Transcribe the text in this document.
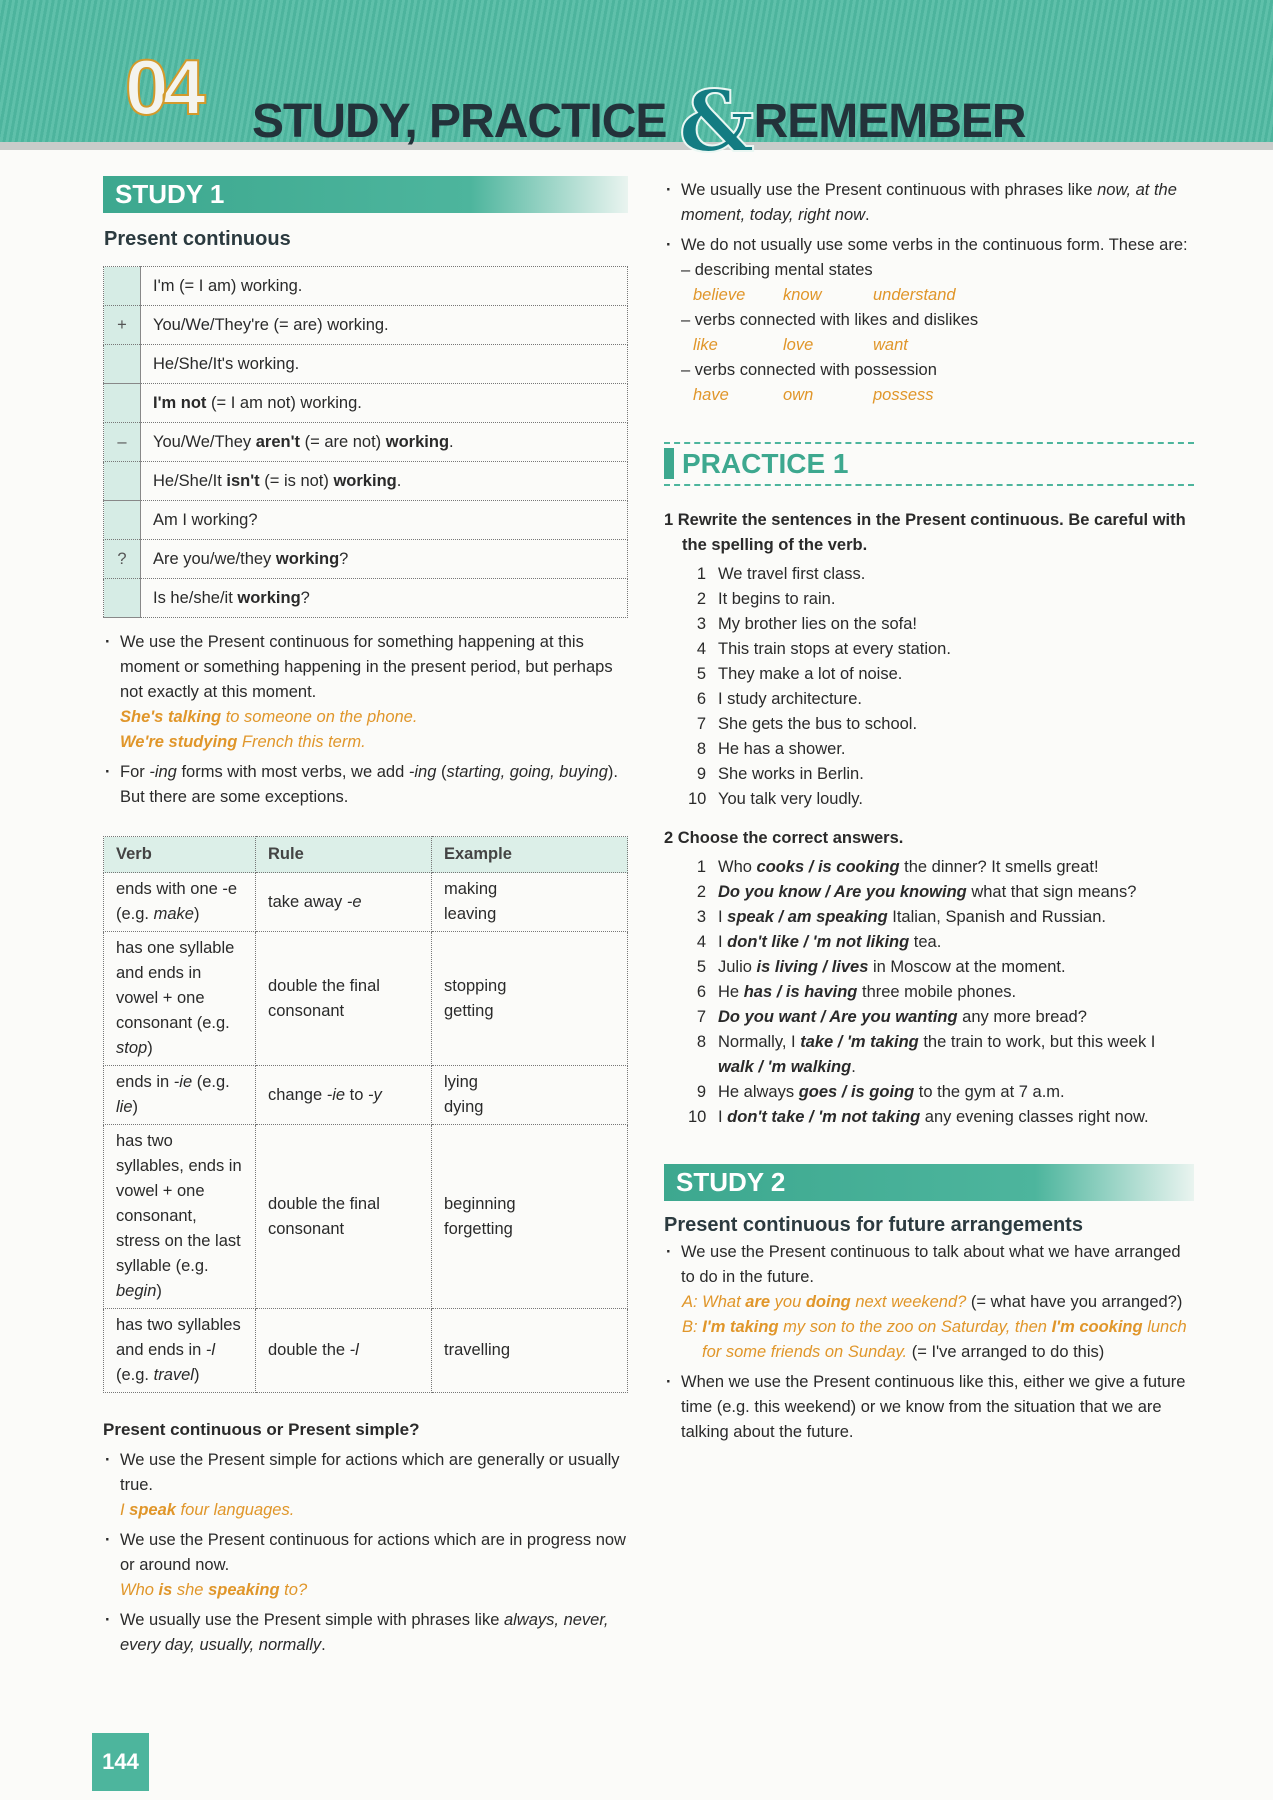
04 STUDY, PRACTICE &REMEMBER
STUDY 1
Present continuous
	I'm (= I am) working.
+	You/We/They're (= are) working.
	He/She/It's working.
	I'm not (= I am not) working.
–	You/We/They aren't (= are not) working.
	He/She/It isn't (= is not) working.
	Am I working?
?	Are you/we/they working?
	Is he/she/it working?
· We use the Present continuous for something happening at this moment or something happening in the present period, but perhaps not exactly at this moment.
She's talking to someone on the phone.
We're studying French this term.
· For -ing forms with most verbs, we add -ing (starting, going, buying). But there are some exceptions.
Verb	Rule	Example
ends with one -e (e.g. make)	take away -e	making
leaving

has one syllable and ends in vowel + one consonant (e.g. stop)	double the final consonant	stopping
getting

ends in -ie (e.g. lie)	change -ie to -y	lying
dying

has two syllables, ends in vowel + one consonant, stress on the last syllable (e.g. begin)	double the final consonant	beginning
forgetting

has two syllables and ends in -l (e.g. travel)	double the -l	travelling
Present continuous or Present simple?
· We use the Present simple for actions which are generally or usually true.
I speak four languages.
· We use the Present continuous for actions which are in progress now or around now.
Who is she speaking to?
· We usually use the Present simple with phrases like always, never, every day, usually, normally.
· We usually use the Present continuous with phrases like now, at the moment, today, right now.
· We do not usually use some verbs in the continuous form. These are:
– describing mental states
believe know	understand
– verbs connected with likes and dislikes
like	love	want
– verbs connected with possession
have	own	possess
PRACTICE 1
1 Rewrite the sentences in the Present continuous. Be careful with the spelling of the verb.
1 We travel first class.
2 It begins to rain.
3 My brother lies on the sofa!
4 This train stops at every station.
5 They make a lot of noise.
6 I study architecture.
7 She gets the bus to school.
8 He has a shower.
9 She works in Berlin.
10 You talk very loudly.
2 Choose the correct answers.
1 Who cooks / is cooking the dinner? It smells great!
2 Do you know / Are you knowing what that sign means?
3 I speak / am speaking Italian, Spanish and Russian.
4 I don't like / 'm not liking tea.
5 Julio is living / lives in Moscow at the moment.
6 He has / is having three mobile phones.
7 Do you want / Are you wanting any more bread?
8 Normally, I take / 'm taking the train to work, but this week I walk / 'm walking.
9 He always goes / is going to the gym at 7 a.m.
10 I don't take / 'm not taking any evening classes right now.
STUDY 2
Present continuous for future arrangements
· We use the Present continuous to talk about what we have arranged to do in the future.
A: What are you doing next weekend? (= what have you arranged?)
B: I'm taking my son to the zoo on Saturday, then I'm cooking lunch for some friends on Sunday. (= I've arranged to do this)
· When we use the Present continuous like this, either we give a future time (e.g. this weekend) or we know from the situation that we are talking about the future.
144
